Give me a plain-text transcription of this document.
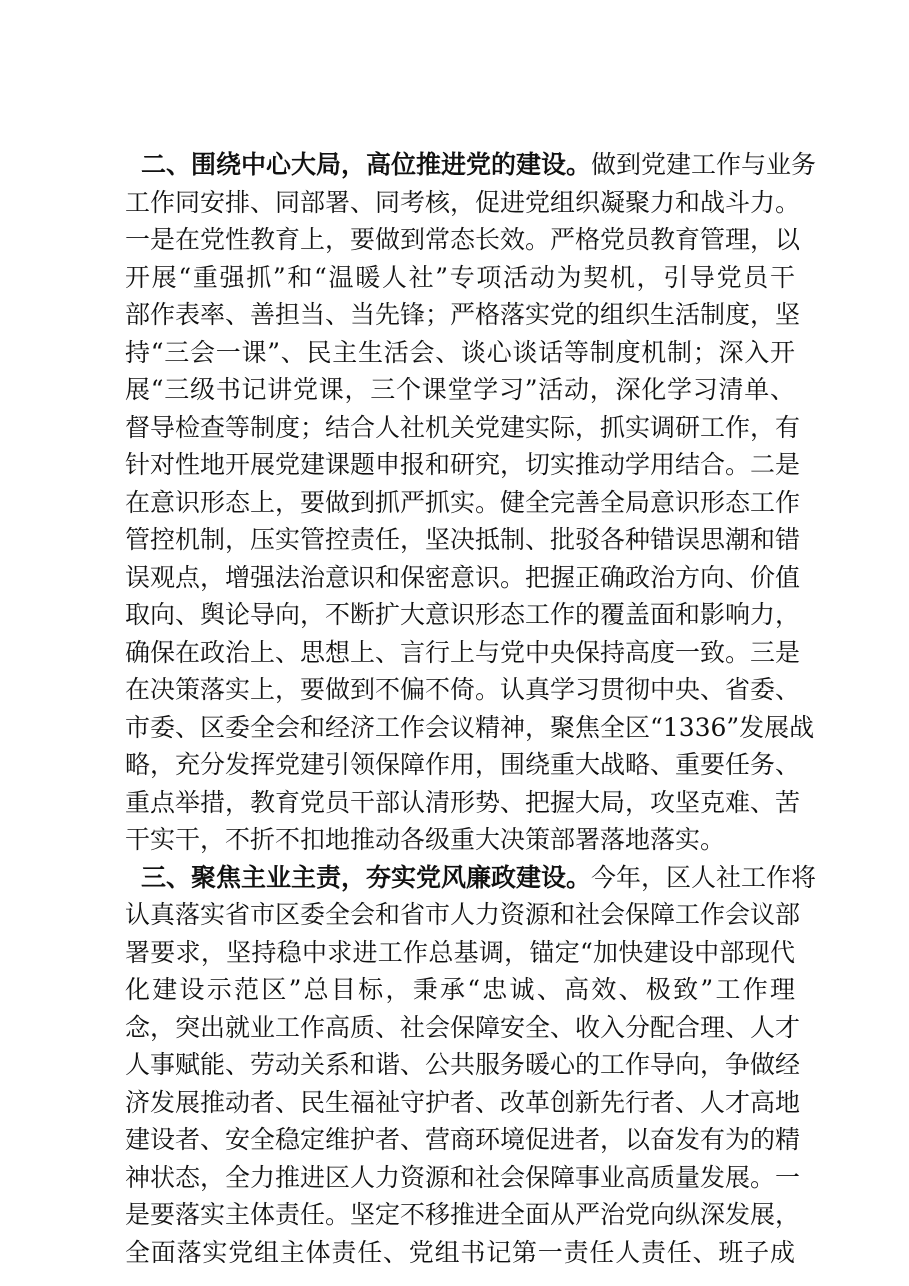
二、围绕中心大局，高位推进党的建设。做到党建工作与业务
工作同安排、同部署、同考核，促进党组织凝聚力和战斗力。
一是在党性教育上，要做到常态长效。严格党员教育管理，以
开展“重强抓”和“温暖人社”专项活动为契机，引导党员干
部作表率、善担当、当先锋；严格落实党的组织生活制度，坚
持“三会一课”、民主生活会、谈心谈话等制度机制；深入开
展“三级书记讲党课，三个课堂学习”活动，深化学习清单、
督导检查等制度；结合人社机关党建实际，抓实调研工作，有
针对性地开展党建课题申报和研究，切实推动学用结合。二是
在意识形态上，要做到抓严抓实。健全完善全局意识形态工作
管控机制，压实管控责任，坚决抵制、批驳各种错误思潮和错
误观点，增强法治意识和保密意识。把握正确政治方向、价值
取向、舆论导向，不断扩大意识形态工作的覆盖面和影响力，
确保在政治上、思想上、言行上与党中央保持高度一致。三是
在决策落实上，要做到不偏不倚。认真学习贯彻中央、省委、
市委、区委全会和经济工作会议精神，聚焦全区“1336”发展战
略，充分发挥党建引领保障作用，围绕重大战略、重要任务、
重点举措，教育党员干部认清形势、把握大局，攻坚克难、苦
干实干，不折不扣地推动各级重大决策部署落地落实。
三、聚焦主业主责，夯实党风廉政建设。今年，区人社工作将
认真落实省市区委全会和省市人力资源和社会保障工作会议部
署要求，坚持稳中求进工作总基调，锚定“加快建设中部现代
化建设示范区”总目标，秉承“忠诚、高效、极致”工作理
念，突出就业工作高质、社会保障安全、收入分配合理、人才
人事赋能、劳动关系和谐、公共服务暖心的工作导向，争做经
济发展推动者、民生福祉守护者、改革创新先行者、人才高地
建设者、安全稳定维护者、营商环境促进者，以奋发有为的精
神状态，全力推进区人力资源和社会保障事业高质量发展。一
是要落实主体责任。坚定不移推进全面从严治党向纵深发展，
全面落实党组主体责任、党组书记第一责任人责任、班子成
